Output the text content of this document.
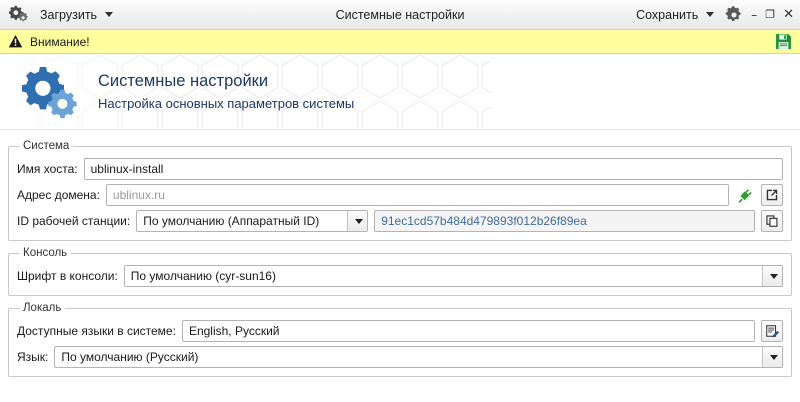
Загрузить	Системные настройки	Сохранить	– ❐ ✕
Внимание!
Системные настройки
Настройка основных параметров системы
Система
Имя хоста: ublinux-install
Адрес домена: ublinux.ru
ID рабочей станции:	По умолчанию (Аппаратный ID)	91ec1cd57b484d479893f012b26f89ea
Консоль
Шрифт в консоли:	По умолчанию (cyr-sun16)
Локаль
Доступные языки в системе: English, Русский
Язык:	По умолчанию (Русский)
